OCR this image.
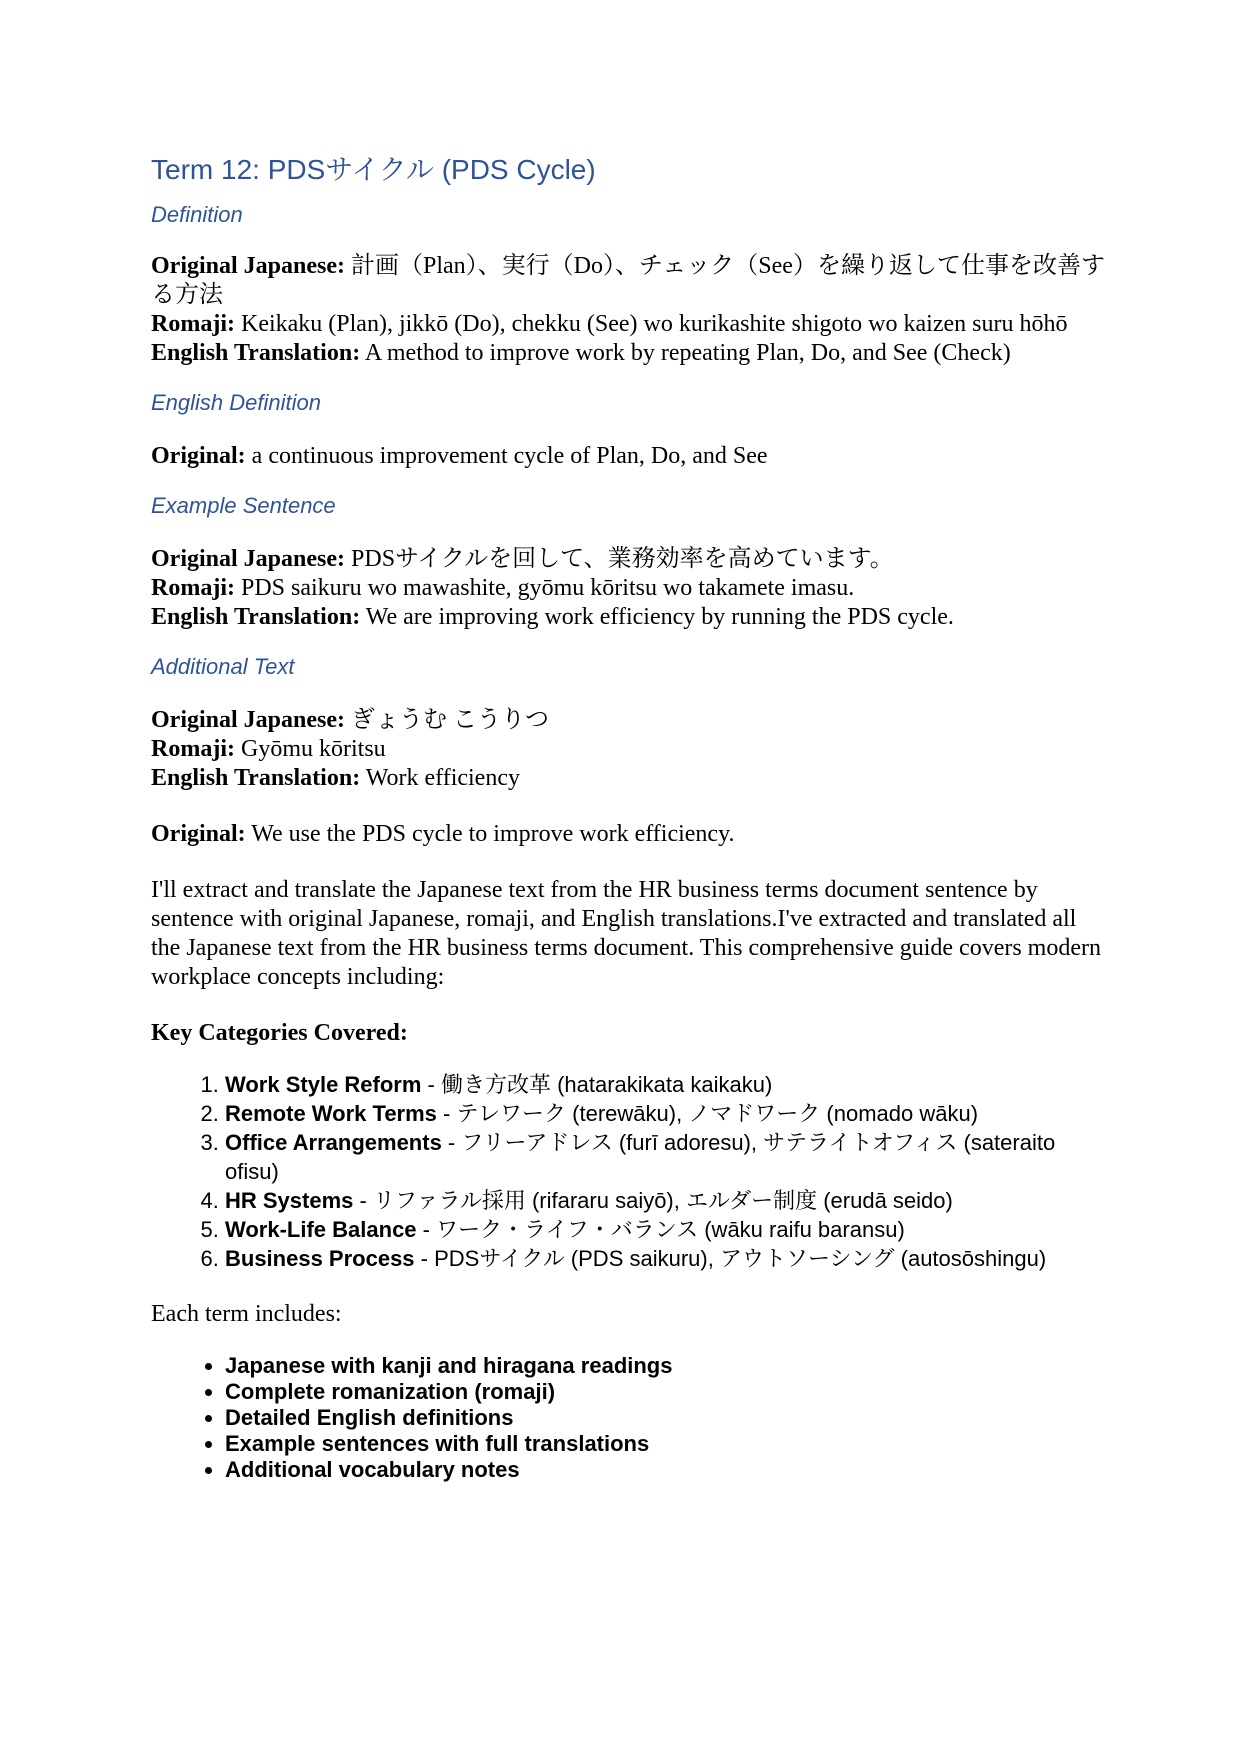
Term 12: PDSサイクル (PDS Cycle)

Definition

Original Japanese: 計画（Plan）、実行（Do）、チェック（See）を繰り返して仕事を改善する方法
Romaji: Keikaku (Plan), jikkō (Do), chekku (See) wo kurikashite shigoto wo kaizen suru hōhō
English Translation: A method to improve work by repeating Plan, Do, and See (Check)

English Definition

Original: a continuous improvement cycle of Plan, Do, and See

Example Sentence

Original Japanese: PDSサイクルを回して、業務効率を高めています。
Romaji: PDS saikuru wo mawashite, gyōmu kōritsu wo takamete imasu.
English Translation: We are improving work efficiency by running the PDS cycle.

Additional Text

Original Japanese: ぎょうむ こうりつ
Romaji: Gyōmu kōritsu
English Translation: Work efficiency

Original: We use the PDS cycle to improve work efficiency.

I'll extract and translate the Japanese text from the HR business terms document sentence by sentence with original Japanese, romaji, and English translations.I've extracted and translated all the Japanese text from the HR business terms document. This comprehensive guide covers modern workplace concepts including:

Key Categories Covered:

1. Work Style Reform - 働き方改革 (hatarakikata kaikaku)
2. Remote Work Terms - テレワーク (terewāku), ノマドワーク (nomado wāku)
3. Office Arrangements - フリーアドレス (furī adoresu), サテライトオフィス (sateraito ofisu)
4. HR Systems - リファラル採用 (rifararu saiyō), エルダー制度 (erudā seido)
5. Work-Life Balance - ワーク・ライフ・バランス (wāku raifu baransu)
6. Business Process - PDSサイクル (PDS saikuru), アウトソーシング (autosōshingu)

Each term includes:

• Japanese with kanji and hiragana readings
• Complete romanization (romaji)
• Detailed English definitions
• Example sentences with full translations
• Additional vocabulary notes
